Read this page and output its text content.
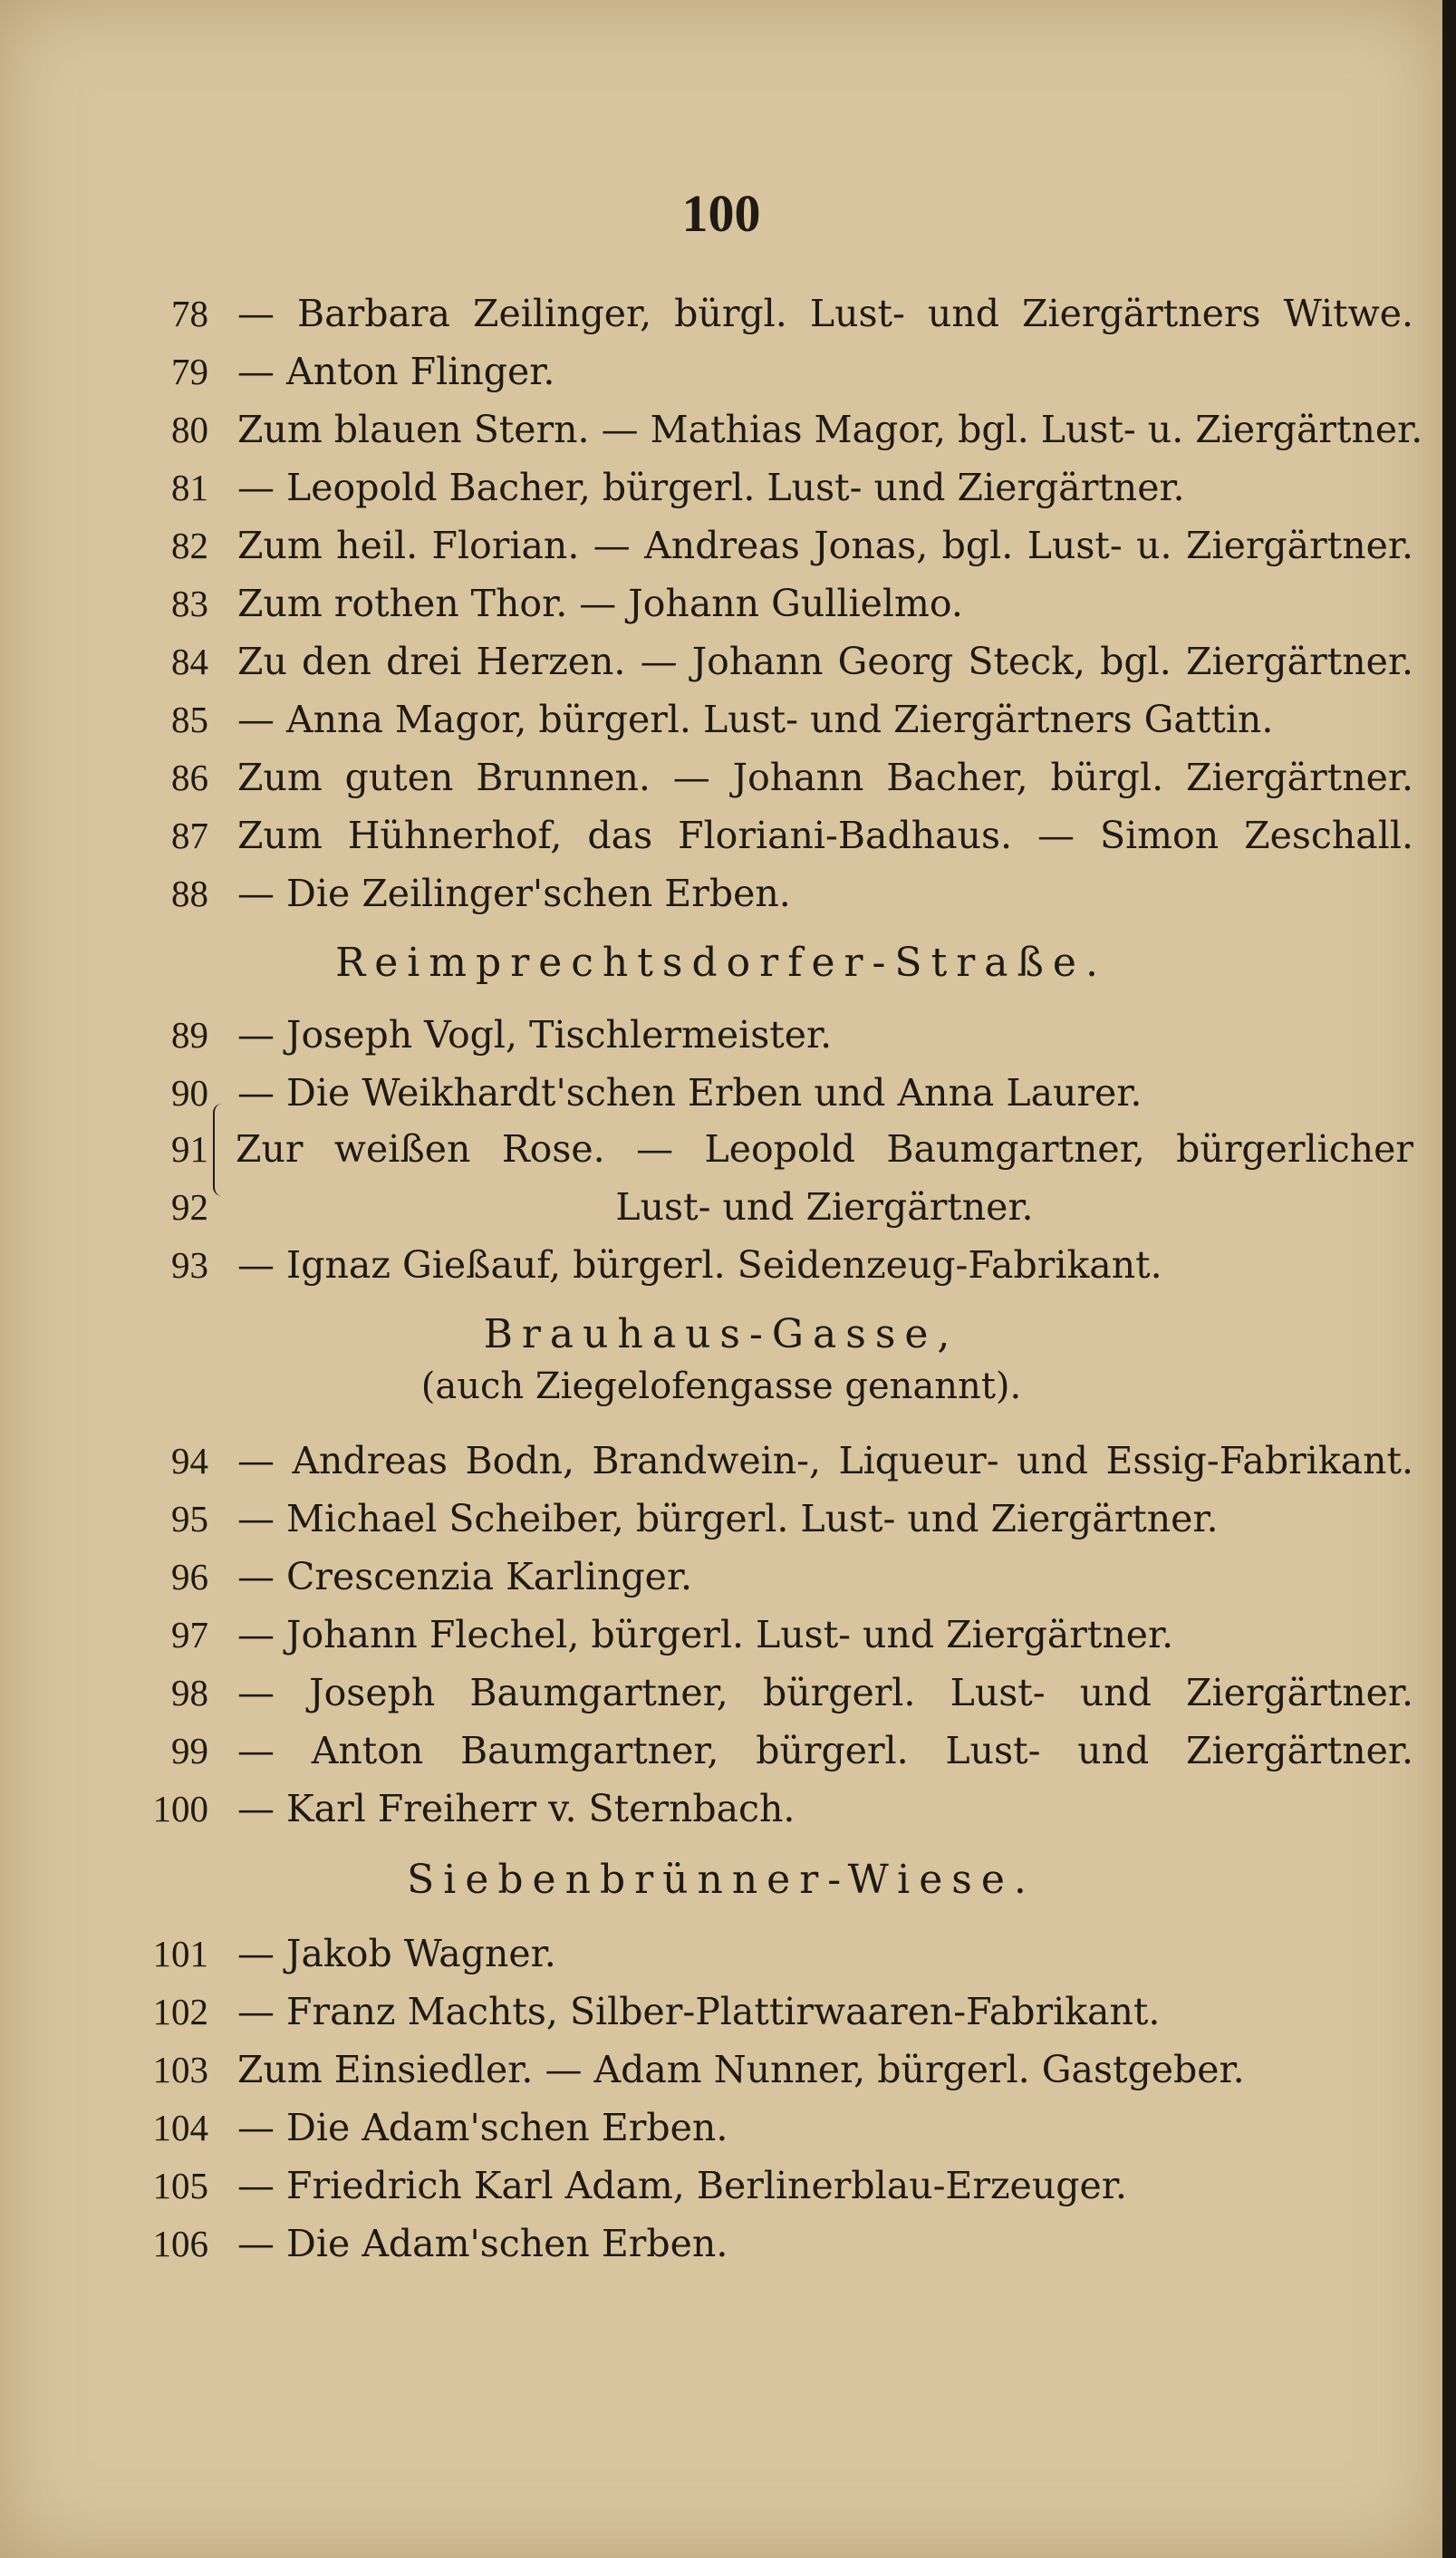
100
78 — Barbara Zeilinger, bürgl. Lust- und Ziergärtners Witwe.
79 — Anton Flinger.
80 Zum blauen Stern. — Mathias Magor, bgl. Lust- u. Ziergärtner.
81 — Leopold Bacher, bürgerl. Lust- und Ziergärtner.
82 Zum heil. Florian. — Andreas Jonas, bgl. Lust- u. Ziergärtner.
83 Zum rothen Thor. — Johann Gullielmo.
84 Zu den drei Herzen. — Johann Georg Steck, bgl. Ziergärtner.
85 — Anna Magor, bürgerl. Lust- und Ziergärtners Gattin.
86 Zum guten Brunnen. — Johann Bacher, bürgl. Ziergärtner.
87 Zum Hühnerhof, das Floriani-Badhaus. — Simon Zeschall.
88 — Die Zeilinger'schen Erben.
Reimprechtsdorfer-Straße.
89 — Joseph Vogl, Tischlermeister.
90 — Die Weikhardt'schen Erben und Anna Laurer.
91 Zur weißen Rose. — Leopold Baumgartner, bürgerlicher
92	Lust- und Ziergärtner.
93 — Ignaz Gießauf, bürgerl. Seidenzeug-Fabrikant.
Brauhaus-Gasse,
(auch Ziegelofengasse genannt).
94 — Andreas Bodn, Brandwein-, Liqueur- und Essig-Fabrikant.
95 — Michael Scheiber, bürgerl. Lust- und Ziergärtner.
96 — Crescenzia Karlinger.
97 — Johann Flechel, bürgerl. Lust- und Ziergärtner.
98 — Joseph Baumgartner, bürgerl. Lust- und Ziergärtner.
99 — Anton Baumgartner, bürgerl. Lust- und Ziergärtner.
100 — Karl Freiherr v. Sternbach.
Siebenbrünner-Wiese.
101 — Jakob Wagner.
102 — Franz Machts, Silber-Plattirwaaren-Fabrikant.
103 Zum Einsiedler. — Adam Nunner, bürgerl. Gastgeber.
104 — Die Adam'schen Erben.
105 — Friedrich Karl Adam, Berlinerblau-Erzeuger.
106 — Die Adam'schen Erben.
